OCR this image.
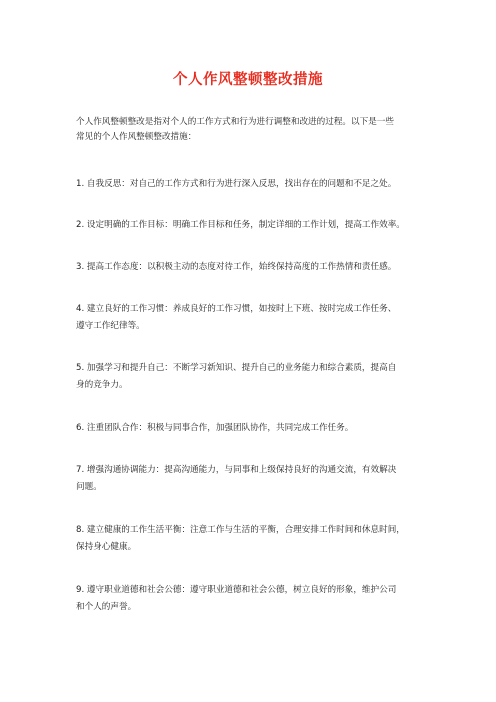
个人作风整顿整改措施
个人作风整顿整改是指对个人的工作方式和行为进行调整和改进的过程。以下是一些
常见的个人作风整顿整改措施：
1. 自我反思：对自己的工作方式和行为进行深入反思，找出存在的问题和不足之处。
2. 设定明确的工作目标：明确工作目标和任务，制定详细的工作计划，提高工作效率。
3. 提高工作态度：以积极主动的态度对待工作，始终保持高度的工作热情和责任感。
4. 建立良好的工作习惯：养成良好的工作习惯，如按时上下班、按时完成工作任务、
遵守工作纪律等。
5. 加强学习和提升自己：不断学习新知识、提升自己的业务能力和综合素质，提高自
身的竞争力。
6. 注重团队合作：积极与同事合作，加强团队协作，共同完成工作任务。
7. 增强沟通协调能力：提高沟通能力，与同事和上级保持良好的沟通交流，有效解决
问题。
8. 建立健康的工作生活平衡：注意工作与生活的平衡，合理安排工作时间和休息时间，
保持身心健康。
9. 遵守职业道德和社会公德：遵守职业道德和社会公德，树立良好的形象，维护公司
和个人的声誉。
